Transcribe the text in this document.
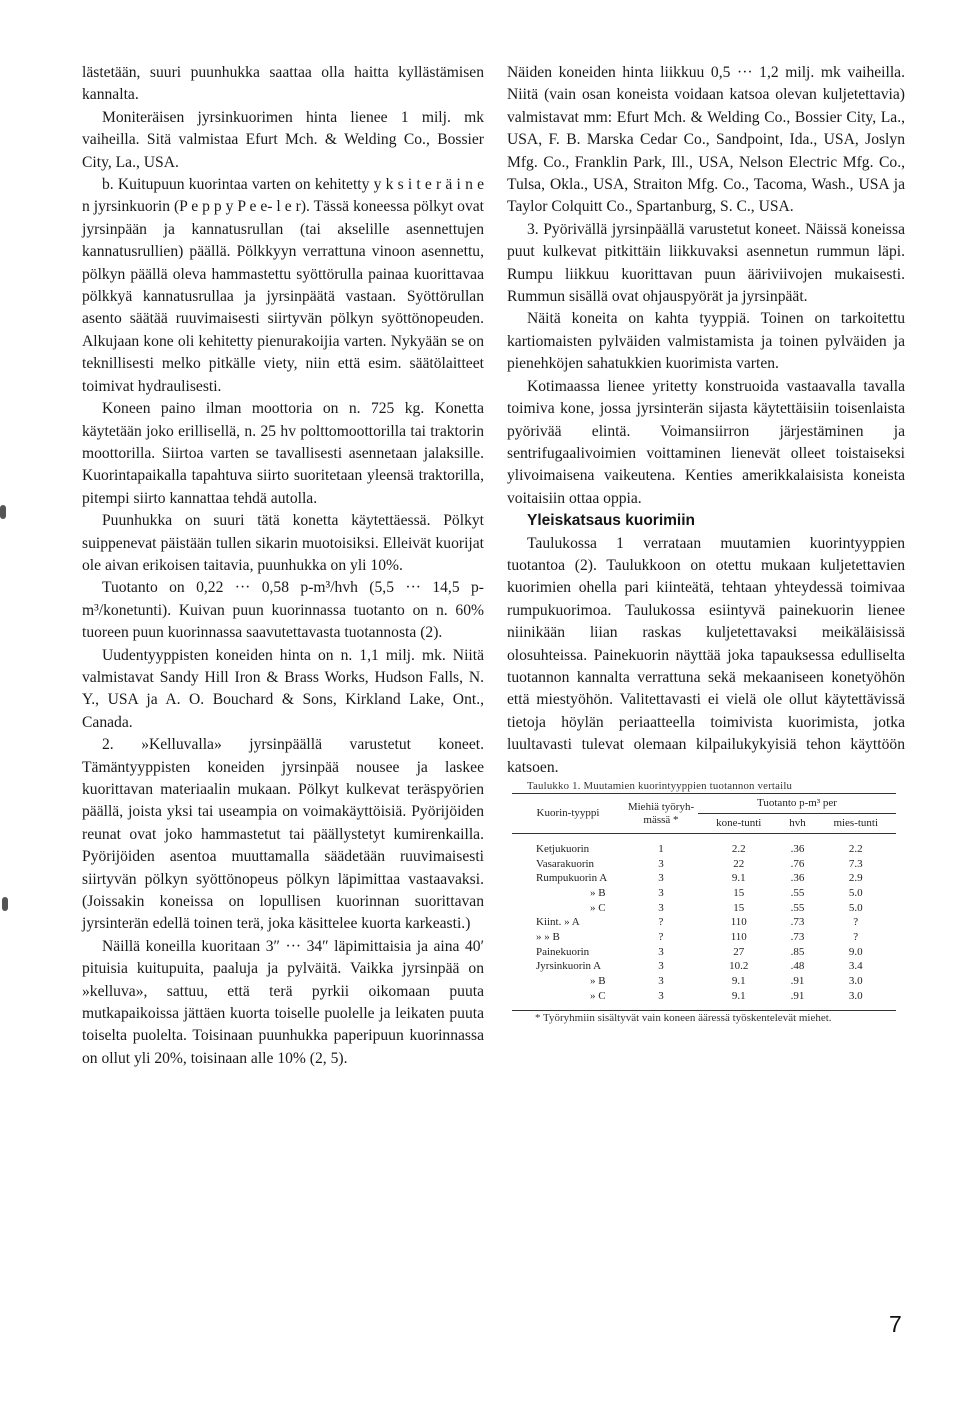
lästetään, suuri puunhukka saattaa olla haitta kyllästämisen kannalta.

Moniteräisen jyrsinkuorimen hinta lienee 1 milj. mk vaiheilla. Sitä valmistaa Efurt Mch. & Welding Co., Bossier City, La., USA.

b. Kuitupuun kuorintaa varten on kehitetty y k s i t e r ä i n e n jyrsinkuorin (P e p p y P e e- l e r). Tässä koneessa pölkyt ovat jyrsinpään ja kannatusrullan (tai akselille asennettujen kannatusrullien) päällä. Pölkkyyn verrattuna vinoon asennettu, pölkyn päällä oleva hammastettu syöttörulla painaa kuorittavaa pölkkyä kannatusrullaa ja jyrsinpäätä vastaan. Syöttörullan asento säätää ruuvimaisesti siirtyvän pölkyn syöttönopeuden. Alkujaan kone oli kehitetty pienurakoijia varten. Nykyään se on teknillisesti melko pitkälle viety, niin että esim. säätölaitteet toimivat hydraulisesti.

Koneen paino ilman moottoria on n. 725 kg. Konetta käytetään joko erillisellä, n. 25 hv polttomoottorilla tai traktorin moottorilla. Siirtoa varten se tavallisesti asennetaan jalaksille. Kuorintapaikalla tapahtuva siirto suoritetaan yleensä traktorilla, pitempi siirto kannattaa tehdä autolla.

Puunhukka on suuri tätä konetta käytettäessä. Pölkyt suippenevat päistään tullen sikarin muotoisiksi. Elleivät kuorijat ole aivan erikoisen taitavia, puunhukka on yli 10%.

Tuotanto on 0,22 ··· 0,58 p-m³/hvh (5,5 ··· 14,5 p-m³/konetunti). Kuivan puun kuorinnassa tuotanto on n. 60% tuoreen puun kuorinnassa saavutettavasta tuotannosta (2).

Uudentyyppisten koneiden hinta on n. 1,1 milj. mk. Niitä valmistavat Sandy Hill Iron & Brass Works, Hudson Falls, N. Y., USA ja A. O. Bouchard & Sons, Kirkland Lake, Ont., Canada.

2. »Kelluvalla» jyrsinpäällä varustetut koneet. Tämäntyyppisten koneiden jyrsinpää nousee ja laskee kuorittavan materiaalin mukaan. Pölkyt kulkevat teräspyörien päällä, joista yksi tai useampia on voimakäyttöisiä. Pyörijöiden reunat ovat joko hammastetut tai päällystetyt kumirenkailla. Pyörijöiden asentoa muuttamalla säädetään ruuvimaisesti siirtyvän pölkyn syöttönopeus pölkyn läpimittaa vastaavaksi. (Joissakin koneissa on lopullisen kuorinnan suorittavan jyrsinterän edellä toinen terä, joka käsittelee kuorta karkeasti.)

Näillä koneilla kuoritaan 3″ ··· 34″ läpimittaisia ja aina 40′ pituisia kuitupuita, paaluja ja pylväitä. Vaikka jyrsinpää on »kelluva», sattuu, että terä pyrkii oikomaan puuta mutkapaikoissa jättäen kuorta toiselle puolelle ja leikaten puuta toiselta puolelta. Toisinaan puunhukka paperipuun kuorinnassa on ollut yli 20%, toisinaan alle 10% (2, 5).

Näiden koneiden hinta liikkuu 0,5 ··· 1,2 milj. mk vaiheilla. Niitä (vain osan koneista voidaan katsoa olevan kuljetettavia) valmistavat mm: Efurt Mch. & Welding Co., Bossier City, La., USA, F. B. Marska Cedar Co., Sandpoint, Ida., USA, Joslyn Mfg. Co., Franklin Park, Ill., USA, Nelson Electric Mfg. Co., Tulsa, Okla., USA, Straiton Mfg. Co., Tacoma, Wash., USA ja Taylor Colquitt Co., Spartanburg, S. C., USA.

3. Pyörivällä jyrsinpäällä varustetut koneet. Näissä koneissa puut kulkevat pitkittäin liikkuvaksi asennetun rummun läpi. Rumpu liikkuu kuorittavan puun ääriviivojen mukaisesti. Rummun sisällä ovat ohjauspyörät ja jyrsinpäät.

Näitä koneita on kahta tyyppiä. Toinen on tarkoitettu kartiomaisten pylväiden valmistamista ja toinen pylväiden ja pienehköjen sahatukkien kuorimista varten.

Kotimaassa lienee yritetty konstruoida vastaavalla tavalla toimiva kone, jossa jyrsinterän sijasta käytettäisiin toisenlaista pyörivää elintä. Voimansiirron järjestäminen ja sentrifugaalivoimien voittaminen lienevät olleet toistaiseksi ylivoimaisena vaikeutena. Kenties amerikkalaisista koneista voitaisiin ottaa oppia.

Yleiskatsaus kuorimiin

Taulukossa 1 verrataan muutamien kuorintyyppien tuotantoa (2). Taulukkoon on otettu mukaan kuljetettavien kuorimien ohella pari kiinteätä, tehtaan yhteydessä toimivaa rumpukuorimoa. Taulukossa esiintyvä painekuorin lienee niinikään liian raskas kuljetettavaksi meikäläisissä olosuhteissa. Painekuorin näyttää joka tapauksessa edulliselta tuotannon kannalta verrattuna sekä mekaaniseen konetyöhön että miestyöhön. Valitettavasti ei vielä ole ollut käytettävissä tietoja höylän periaatteella toimivista kuorimista, jotka luultavasti tulevat olemaan kilpailukykyisiä tehon käyttöön katsoen.

Taulukko 1. Muutamien kuorintyyppien tuotannon vertailu

Kuorin-tyyppi	Miehiä työryh-mässä *	Tuotanto p-m³ per		
		kone-tunti	hvh	mies-tunti
Ketjukuorin	1	2.2	.36	2.2
Vasarakuorin	3	22	.76	7.3
Rumpukuorin A	3	9.1	.36	2.9
» B	3	15	.55	5.0
» C	3	15	.55	5.0
Kiint. » A	?	110	.73	?
» » B	?	110	.73	?
Painekuorin	3	27	.85	9.0
Jyrsinkuorin A	3	10.2	.48	3.4
» B	3	9.1	.91	3.0
» C	3	9.1	.91	3.0

* Työryhmiin sisältyvät vain koneen ääressä työskentelevät miehet.

7
